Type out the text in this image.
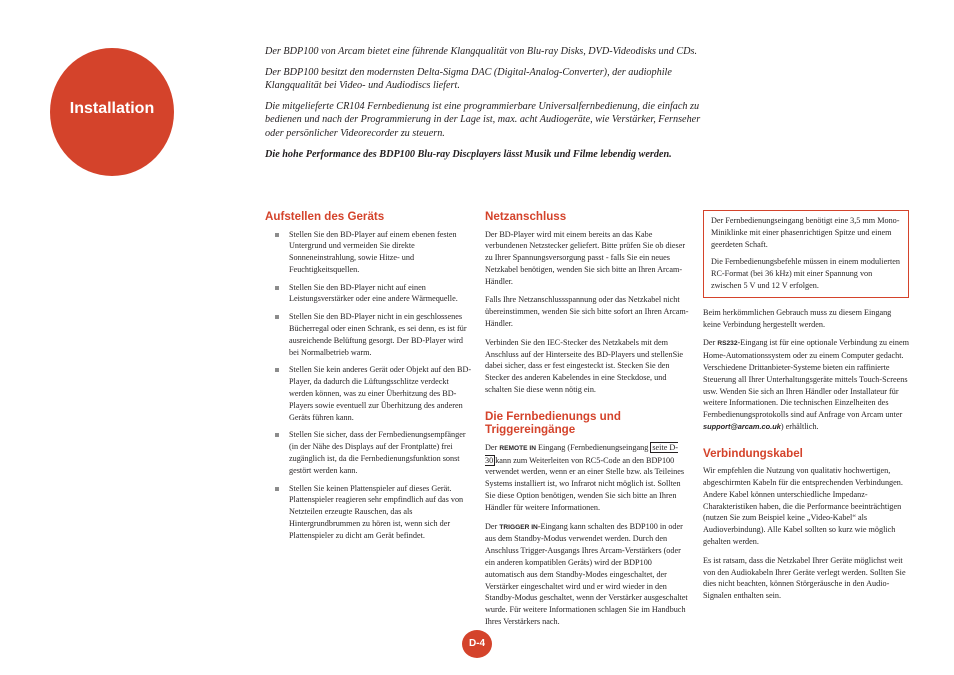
Installation

Der BDP100 von Arcam bietet eine führende Klangqualität von Blu-ray Disks, DVD-Videodisks und CDs.

Der BDP100 besitzt den modernsten Delta-Sigma DAC (Digital-Analog-Converter), der audiophile Klangqualität bei Video- und Audiodiscs liefert.

Die mitgelieferte CR104 Fernbedienung ist eine programmierbare Universalfernbedienung, die einfach zu bedienen und nach der Programmierung in der Lage ist, max. acht Audiogeräte, wie Verstärker, Fernseher oder persönlicher Videorecorder zu steuern.

Die hohe Performance des BDP100 Blu-ray Discplayers lässt Musik und Filme lebendig werden.

Aufstellen des Geräts
Stellen Sie den BD-Player auf einem ebenen festen Untergrund und vermeiden Sie direkte Sonneneinstrahlung, sowie Hitze- und Feuchtigkeitsquellen.
Stellen Sie den BD-Player nicht auf einen Leistungsverstärker oder eine andere Wärmequelle.
Stellen Sie den BD-Player nicht in ein geschlossenes Bücherregal oder einen Schrank, es sei denn, es ist für ausreichende Belüftung gesorgt. Der BD-Player wird bei Normalbetrieb warm.
Stellen Sie kein anderes Gerät oder Objekt auf den BD-Player, da dadurch die Lüftungsschlitze verdeckt werden können, was zu einer Überhitzung des BD-Players sowie eventuell zur Überhitzung des anderen Geräts führen kann.
Stellen Sie sicher, dass der Fernbedienungsempfänger (in der Nähe des Displays auf der Frontplatte) frei zugänglich ist, da die Fernbedienungsfunktion sonst gestört werden kann.
Stellen Sie keinen Plattenspieler auf dieses Gerät. Plattenspieler reagieren sehr empfindlich auf das von Netzteilen erzeugte Rauschen, das als Hintergrundbrummen zu hören ist, wenn sich der Plattenspieler zu dicht am Gerät befindet.
Netzanschluss

Der BD-Player wird mit einem bereits an das Kabe verbundenen Netzstecker geliefert. Bitte prüfen Sie ob dieser zu Ihrer Spannungsversorgung passt - falls Sie ein neues Netzkabel benötigen, wenden Sie sich bitte an Ihren Arcam-Händler.

Falls Ihre Netzanschlussspannung oder das Netzkabel nicht übereinstimmen, wenden Sie sich bitte sofort an Ihren Arcam-Händler.

Verbinden Sie den IEC-Stecker des Netzkabels mit dem Anschluss auf der Hinterseite des BD-Players und stellenSie dabei sicher, dass er fest eingesteckt ist. Stecken Sie den Stecker des anderen Kabelendes in eine Steckdose, und schalten Sie diese wenn nötig ein.

Die Fernbedienungs und Triggereingänge

Der REMOTE IN Eingang (Fernbedienungseingang seite D-30 kann zum Weiterleiten von RC5-Code an den BDP100 verwendet werden, wenn er an einer Stelle bzw. als Teileines Systems installiert ist, wo Infrarot nicht möglich ist. Sollten Sie diese Option benötigen, wenden Sie sich bitte an Ihren Händler für weitere Informationen.

Der TRIGGER IN-Eingang kann schalten des BDP100 in oder aus dem Standby-Modus verwendet werden. Durch den Anschluss Trigger-Ausgangs Ihres Arcam-Verstärkers (oder ein anderen kompatiblen Geräts) wird der BDP100 automatisch aus dem Standby-Modes eingeschaltet, der Verstärker eingeschaltet wird und er wird wieder in den Standby-Modus geschaltet, wenn der Verstärker ausgeschaltet wurde. Für weitere Informationen schlagen Sie im Handbuch Ihres Verstärkers nach.

Der Fernbedienungseingang benötigt eine 3,5 mm Mono-Miniklinke mit einer phasenrichtigen Spitze und einem geerdeten Schaft.

Die Fernbedienungsbefehle müssen in einem modulierten RC-Format (bei 36 kHz) mit einer Spannung von zwischen 5 V und 12 V erfolgen.

Beim herkömmlichen Gebrauch muss zu diesem Eingang keine Verbindung hergestellt werden.

Der RS232-Eingang ist für eine optionale Verbindung zu einem Home-Automationssystem oder zu einem Computer gedacht. Verschiedene Drittanbieter-Systeme bieten ein raffinierte Steuerung all Ihrer Unterhaltungsgeräte mittels Touch-Screens usw. Wenden Sie sich an Ihren Händler oder Installateur für weitere Informationen. Die technischen Einzelheiten des Fernbedienungsprotokolls sind auf Anfrage von Arcam unter support@arcam.co.uk) erhältlich.

Verbindungskabel

Wir empfehlen die Nutzung von qualitativ hochwertigen, abgeschirmten Kabeln für die entsprechenden Verbindungen. Andere Kabel können unterschiedliche Impedanz-Charakteristiken haben, die die Performance beeinträchtigen (nutzen Sie zum Beispiel keine „Video-Kabel“ als Audioverbindung). Alle Kabel sollten so kurz wie möglich gehalten werden.

Es ist ratsam, dass die Netzkabel Ihrer Geräte möglichst weit von den Audiokabeln Ihrer Geräte verlegt werden. Sollten Sie dies nicht beachten, können Störgeräusche in den Audio-Signalen enthalten sein.

D-4
